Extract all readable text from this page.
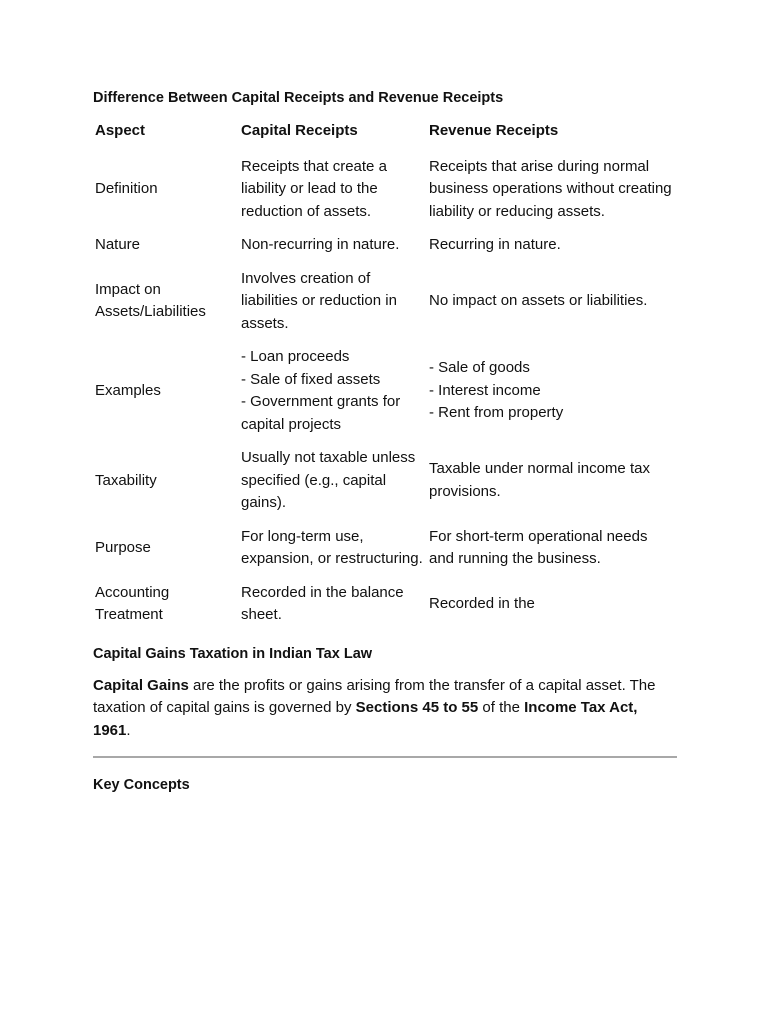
Difference Between Capital Receipts and Revenue Receipts
Aspect	Capital Receipts	Revenue Receipts
Definition	Receipts that create a liability or lead to the reduction of assets.	Receipts that arise during normal business operations without creating liability or reducing assets.
Nature	Non-recurring in nature.	Recurring in nature.
Impact on Assets/Liabilities	Involves creation of liabilities or reduction in assets.	No impact on assets or liabilities.
Examples	- Loan proceeds
- Sale of fixed assets
- Government grants for capital projects	- Sale of goods
- Interest income
- Rent from property

Taxability	Usually not taxable unless specified (e.g., capital gains).	Taxable under normal income tax provisions.
Purpose	For long-term use, expansion, or restructuring.	For short-term operational needs and running the business.
Accounting Treatment	Recorded in the balance sheet.	Recorded in the
Capital Gains Taxation in Indian Tax Law

Capital Gains are the profits or gains arising from the transfer of a capital asset. The taxation of capital gains is governed by Sections 45 to 55 of the Income Tax Act, 1961.

Key Concepts
